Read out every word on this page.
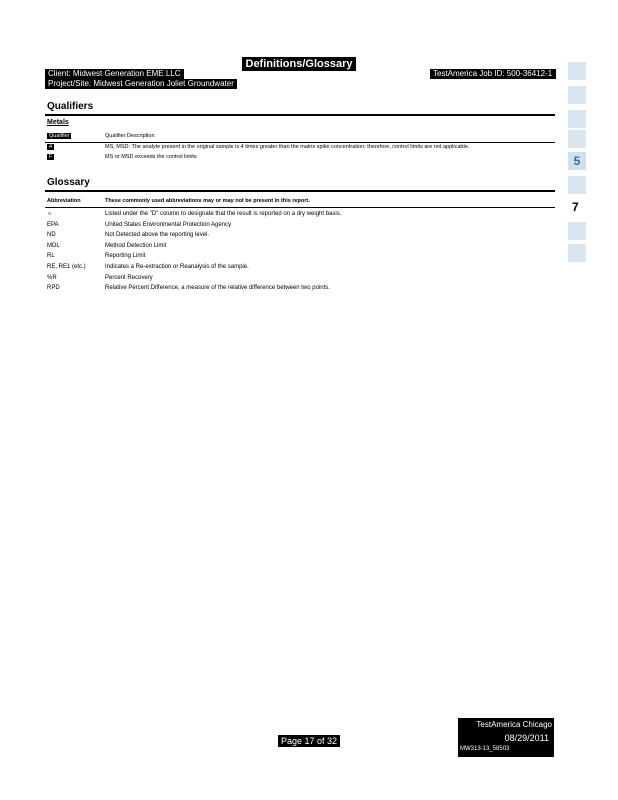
Definitions/Glossary
Client: Midwest Generation EME LLC
Project/Site: Midwest Generation Joliet Groundwater
TestAmerica Job ID: 500-36412-1
Qualifiers
Metals
Qualifier	Qualifier Description
4	MS, MSD: The analyte present in the original sample is 4 times greater than the matrix spike concentration; therefore, control limits are not applicable.
F	MS or MSD exceeds the control limits
Glossary
Abbreviation	These commonly used abbreviations may or may not be present in this report.
☼	Listed under the "D" column to designate that the result is reported on a dry weight basis.
EPA	United States Environmental Protection Agency
ND	Not Detected above the reporting level.
MDL	Method Detection Limit
RL	Reporting Limit
RE, RE1 (etc.)	Indicates a Re-extraction or Reanalysis of the sample.
%R	Percent Recovery
RPD	Relative Percent Difference, a measure of the relative difference between two points.
5
7
Page 17 of 32
TestAmerica Chicago
08/29/2011
MW313-13_58503
